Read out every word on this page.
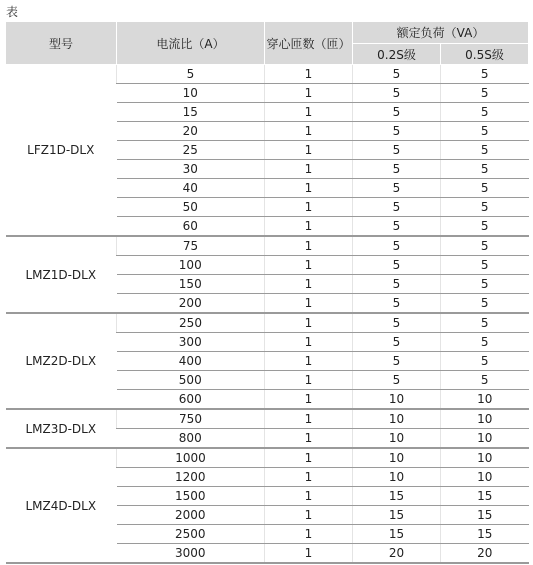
表
型号	电流比（A）	穿心匝数（匝）	额定负荷（VA）	
			0.2S级	0.5S级
LFZ1D-DLX	5	1	5	5
	10	1	5	5
	15	1	5	5
	20	1	5	5
	25	1	5	5
	30	1	5	5
	40	1	5	5
	50	1	5	5
	60	1	5	5
LMZ1D-DLX	75	1	5	5
	100	1	5	5
	150	1	5	5
	200	1	5	5
LMZ2D-DLX	250	1	5	5
	300	1	5	5
	400	1	5	5
	500	1	5	5
	600	1	10	10
LMZ3D-DLX	750	1	10	10
	800	1	10	10
LMZ4D-DLX	1000	1	10	10
	1200	1	10	10
	1500	1	15	15
	2000	1	15	15
	2500	1	15	15
	3000	1	20	20
